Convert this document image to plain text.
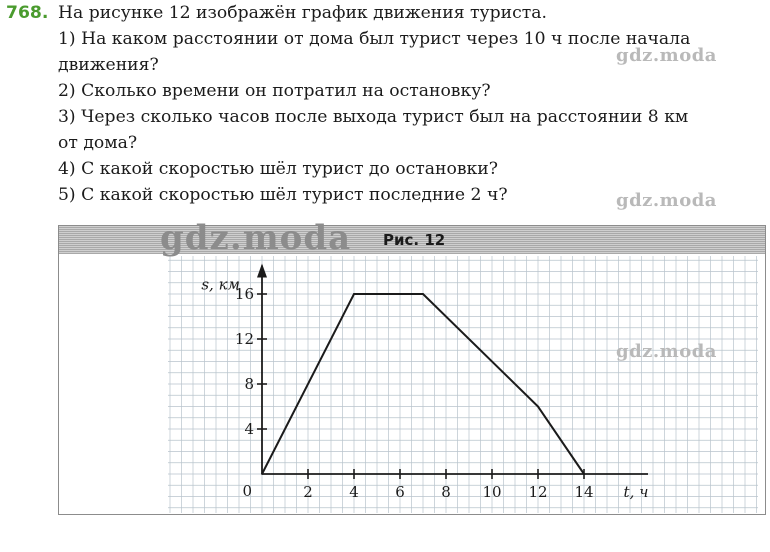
768. На рисунке 12 изображён график движения туриста.
1) На каком расстоянии от дома был турист через 10 ч после начала
движения?
2) Сколько времени он потратил на остановку?
3) Через сколько часов после выхода турист был на расстоянии 8 км
от дома?
4) С какой скоростью шёл турист до остановки?
5) С какой скоростью шёл турист последние 2 ч?
gdz.moda
gdz.moda
Рис. 12
2 4 6 8 10 12 14
4
8
12
16
0	t, ч
s, км
gdz.moda
gdz.moda
